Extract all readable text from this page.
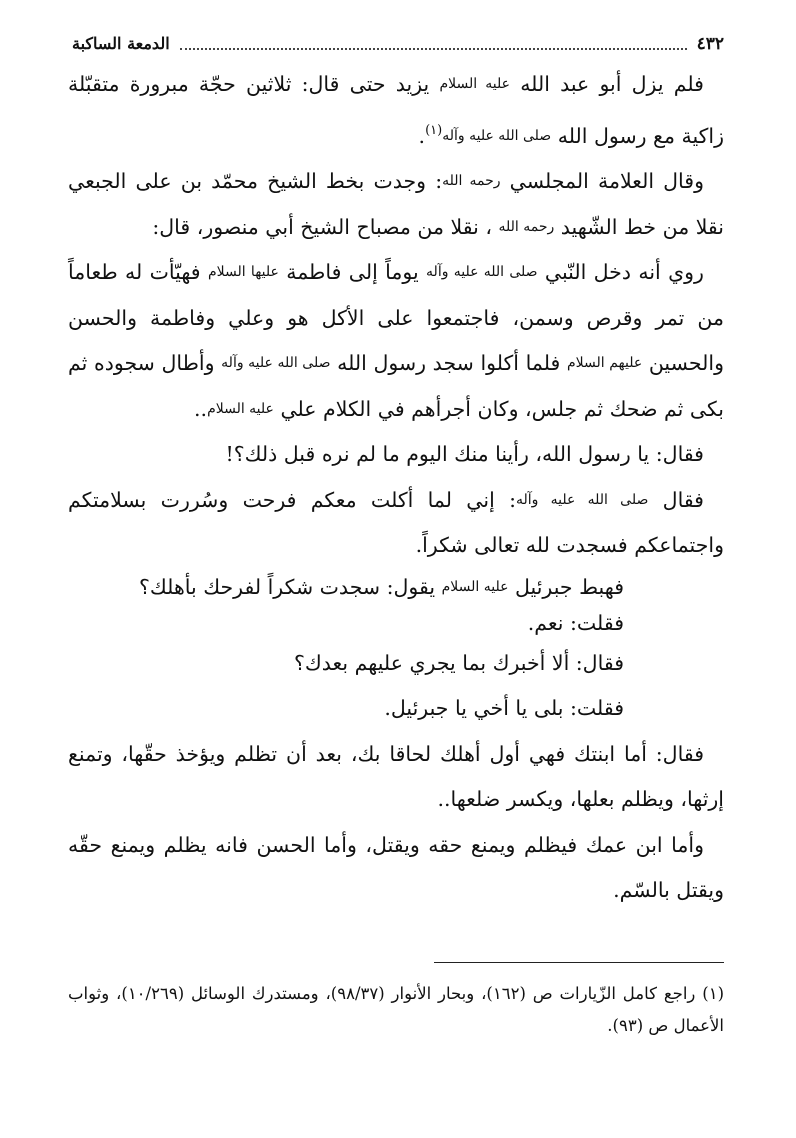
٤٣٢
الدمعة الساكبة

فلم يزل أبو عبد الله عليه السلام يزيد حتى قال: ثلاثين حجّة مبرورة متقبّلة زاكية مع رسول الله صلى الله عليه وآله$^{(١)}$.

وقال العلامة المجلسي رحمه الله: وجدت بخط الشيخ محمّد بن على الجبعي نقلا من خط الشّهيد رحمه الله ، نقلا من مصباح الشيخ أبي منصور، قال:

روي أنه دخل النّبي صلى الله عليه وآله يوماً إلى فاطمة عليها السلام فهيّأت له طعاماً من تمر وقرص وسمن، فاجتمعوا على الأكل هو وعلي وفاطمة والحسن والحسين عليهم السلام فلما أكلوا سجد رسول الله صلى الله عليه وآله وأطال سجوده ثم بكى ثم ضحك ثم جلس، وكان أجرأهم في الكلام علي عليه السلام..

فقال: يا رسول الله، رأينا منك اليوم ما لم نره قبل ذلك؟!

فقال صلى الله عليه وآله: إني لما أكلت معكم فرحت وسُررت بسلامتكم واجتماعكم فسجدت لله تعالى شكراً.

فهبط جبرئيل عليه السلام يقول: سجدت شكراً لفرحك بأهلك؟

فقلت: نعم.

فقال: ألا أخبرك بما يجري عليهم بعدك؟

فقلت: بلى يا أخي يا جبرئيل.

فقال: أما ابنتك فهي أول أهلك لحاقا بك، بعد أن تظلم ويؤخذ حقّها، وتمنع إرثها، ويظلم بعلها، ويكسر ضلعها..

وأما ابن عمك فيظلم ويمنع حقه ويقتل، وأما الحسن فانه يظلم ويمنع حقّه ويقتل بالسّم.

(١) راجع كامل الزّيارات ص (١٦٢)، وبحار الأنوار (٩٨/٣٧)، ومستدرك الوسائل (١٠/٢٦٩)، وثواب الأعمال ص (٩٣).
